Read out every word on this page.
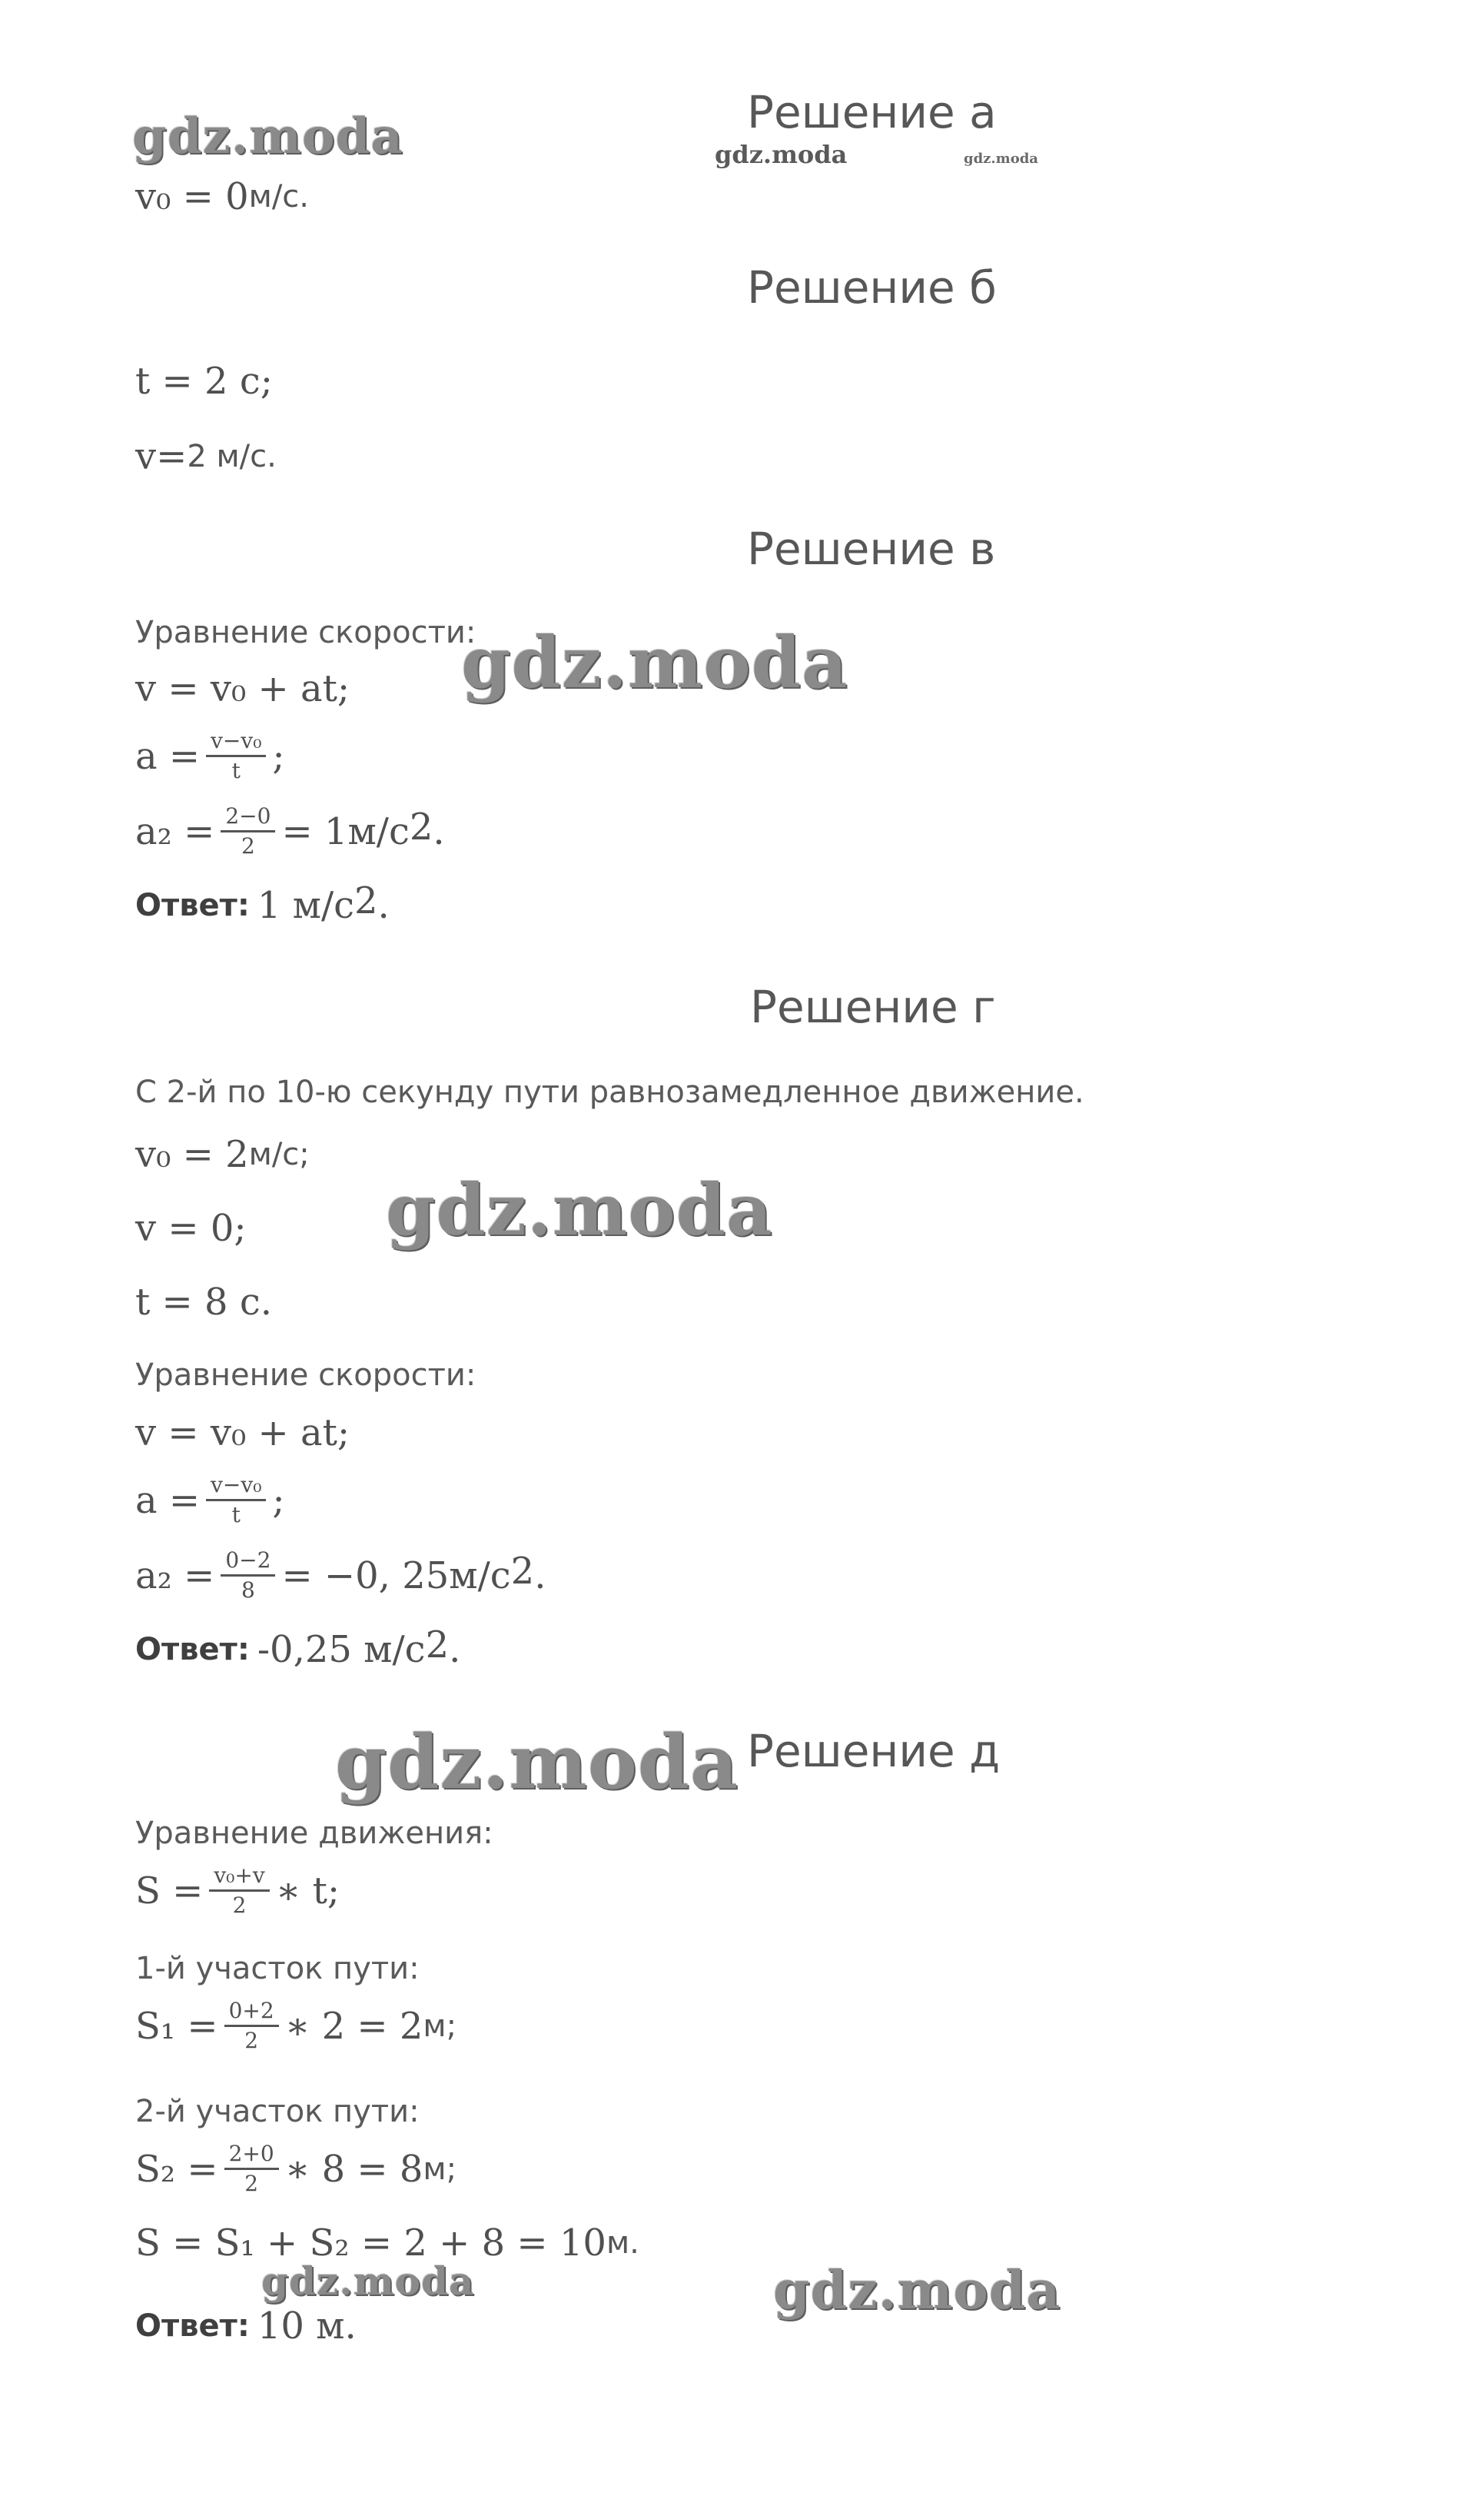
Решение а
v₀ = 0 м/с.
Решение б
t = 2 c;
v= 2 м/с.
Решение в
Уравнение скорости:
v = v₀ + at;
$a = \frac{\text{v−v₀}}{t}$ ;
$a_2 = \frac{2-0}{2} = 1м/с^2$ .
Ответ: 1 $м/с^2$ .
Решение г
С 2-й по 10-ю секунду пути равнозамедленное движение.
v₀ = 2 м/с;
v = 0;
t = 8 c.
Уравнение скорости:
v = v₀ + at;
$a = \frac{\text{v−v₀}}{t}$ ;
$a_2 = \frac{0-2}{8} = -0$, $25м/с^2$ .
Ответ: -0,25 $м/с^2$ .
Решение д
Уравнение движения:
$S = \frac{\text{v₀+v}}{2}$ ∗ t;
1-й участок пути:
$S_1 = \frac{0+2}{2}$ ∗ 2 = 2 м;
2-й участок пути:
$S_2 = \frac{2+0}{2}$ ∗ 8 = 8 м;
S = S₁ + S₂ = 2 + 8 = 10 м.
Ответ: 10 м.
gdz.moda	gdz.moda	gdz.moda
gdz.moda
gdz.moda
gdz.moda
gdz.moda	gdz.moda
